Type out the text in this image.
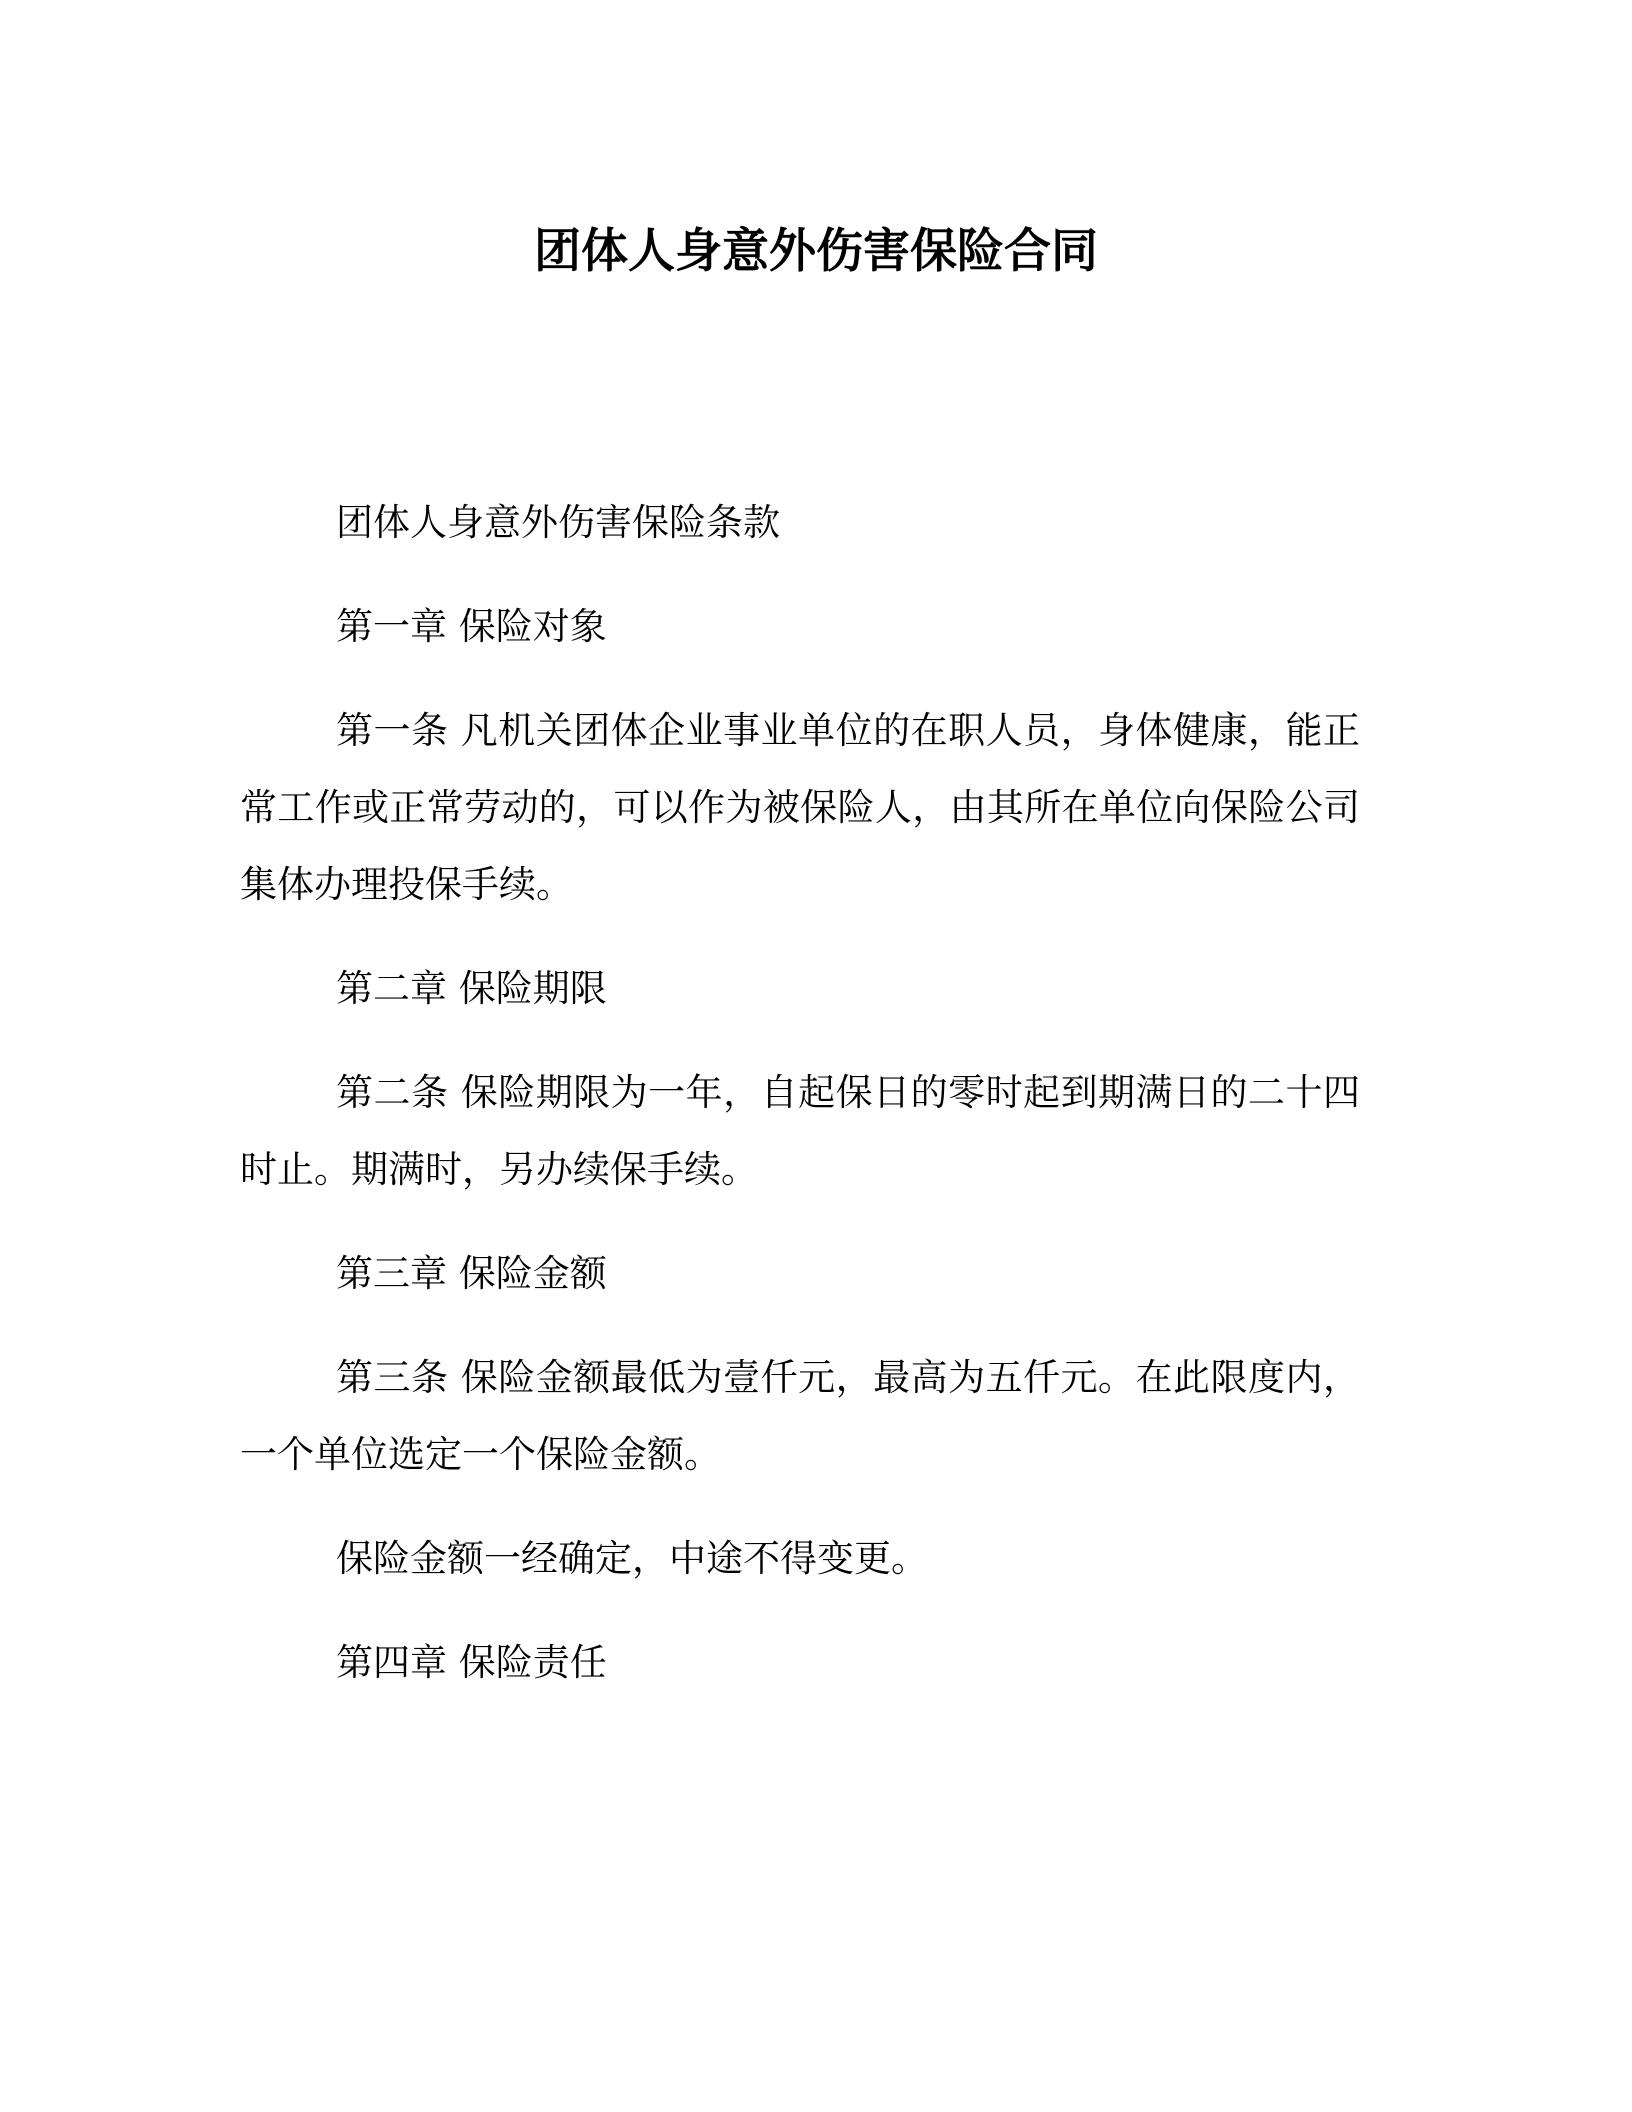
团体人身意外伤害保险合同

团体人身意外伤害保险条款

第一章 保险对象

第一条 凡机关团体企业事业单位的在职人员，身体健康，能正常工作或正常劳动的，可以作为被保险人，由其所在单位向保险公司集体办理投保手续。

第二章 保险期限

第二条 保险期限为一年，自起保日的零时起到期满日的二十四时止。期满时，另办续保手续。

第三章 保险金额

第三条 保险金额最低为壹仟元，最高为五仟元。在此限度内，一个单位选定一个保险金额。

保险金额一经确定，中途不得变更。

第四章 保险责任
